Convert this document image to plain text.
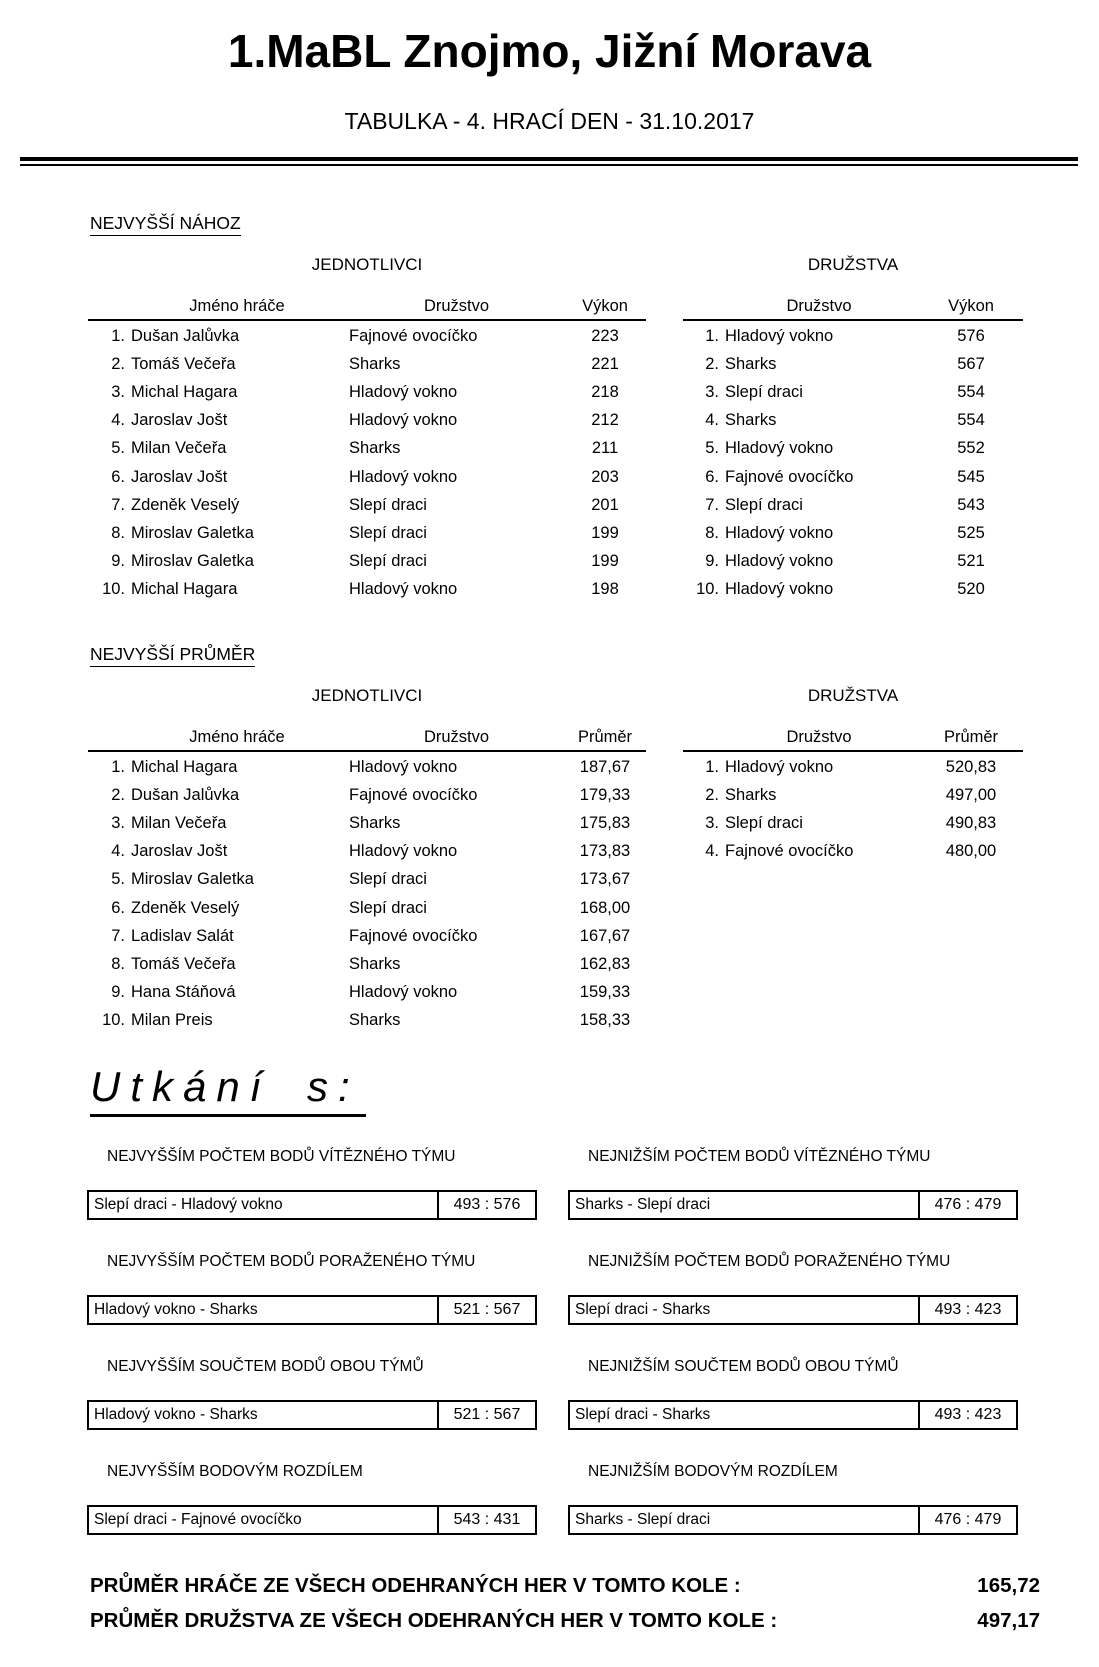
1.MaBL Znojmo, Jižní Morava
TABULKA - 4. HRACÍ DEN - 31.10.2017
NEJVYŠŠÍ NÁHOZ
JEDNOTLIVCI
Jméno hráče	Družstvo	Výkon
1. Dušan Jalůvka	Fajnové ovocíčko	223
2. Tomáš Večeřa	Sharks	221
3. Michal Hagara	Hladový vokno	218
4. Jaroslav Jošt	Hladový vokno	212
5. Milan Večeřa	Sharks	211
6. Jaroslav Jošt	Hladový vokno	203
7. Zdeněk Veselý	Slepí draci	201
8. Miroslav Galetka	Slepí draci	199
9. Miroslav Galetka	Slepí draci	199
10. Michal Hagara	Hladový vokno	198
DRUŽSTVA
Družstvo	Výkon
1. Hladový vokno	576
2. Sharks	567
3. Slepí draci	554
4. Sharks	554
5. Hladový vokno	552
6. Fajnové ovocíčko	545
7. Slepí draci	543
8. Hladový vokno	525
9. Hladový vokno	521
10. Hladový vokno	520
NEJVYŠŠÍ PRŮMĚR
JEDNOTLIVCI
Jméno hráče	Družstvo	Průměr
1. Michal Hagara	Hladový vokno	187,67
2. Dušan Jalůvka	Fajnové ovocíčko	179,33
3. Milan Večeřa	Sharks	175,83
4. Jaroslav Jošt	Hladový vokno	173,83
5. Miroslav Galetka	Slepí draci	173,67
6. Zdeněk Veselý	Slepí draci	168,00
7. Ladislav Salát	Fajnové ovocíčko	167,67
8. Tomáš Večeřa	Sharks	162,83
9. Hana Stáňová	Hladový vokno	159,33
10. Milan Preis	Sharks	158,33
DRUŽSTVA
Družstvo	Průměr
1. Hladový vokno	520,83
2. Sharks	497,00
3. Slepí draci	490,83
4. Fajnové ovocíčko	480,00
Utkání s:
NEJVYŠŠÍM POČTEM BODŮ VÍTĚZNÉHO TÝMU
Slepí draci - Hladový vokno	493 : 576
NEJNIŽŠÍM POČTEM BODŮ VÍTĚZNÉHO TÝMU
Sharks - Slepí draci	476 : 479
NEJVYŠŠÍM POČTEM BODŮ PORAŽENÉHO TÝMU
Hladový vokno - Sharks	521 : 567
NEJNIŽŠÍM POČTEM BODŮ PORAŽENÉHO TÝMU
Slepí draci - Sharks	493 : 423
NEJVYŠŠÍM SOUČTEM BODŮ OBOU TÝMŮ
Hladový vokno - Sharks	521 : 567
NEJNIŽŠÍM SOUČTEM BODŮ OBOU TÝMŮ
Slepí draci - Sharks	493 : 423
NEJVYŠŠÍM BODOVÝM ROZDÍLEM
Slepí draci - Fajnové ovocíčko	543 : 431
NEJNIŽŠÍM BODOVÝM ROZDÍLEM
Sharks - Slepí draci	476 : 479
PRŮMĚR HRÁČE ZE VŠECH ODEHRANÝCH HER V TOMTO KOLE :	165,72
PRŮMĚR DRUŽSTVA ZE VŠECH ODEHRANÝCH HER V TOMTO KOLE :	497,17
